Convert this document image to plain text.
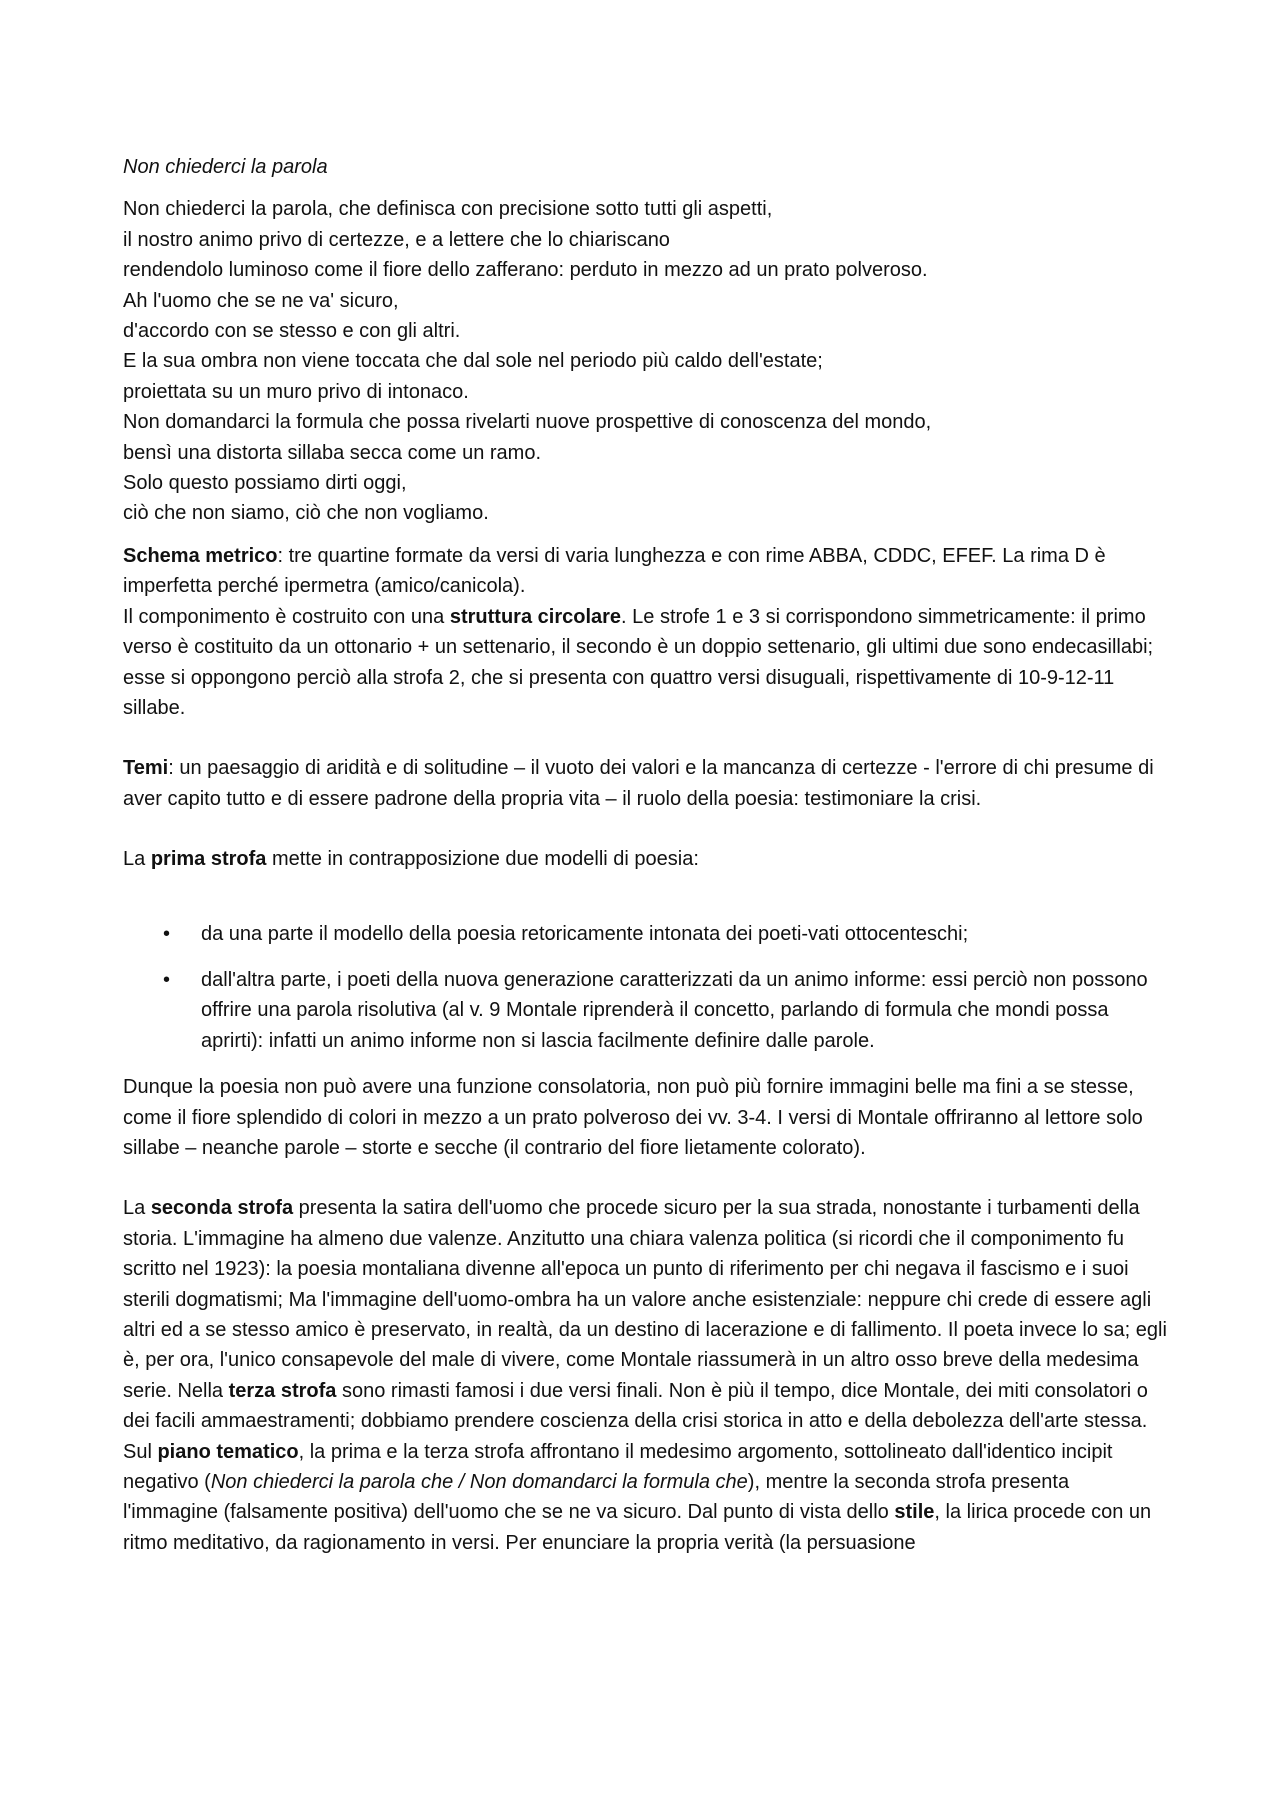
Non chiederci la parola

Non chiederci la parola, che definisca con precisione sotto tutti gli aspetti,
il nostro animo privo di certezze, e a lettere che lo chiariscano
rendendolo luminoso come il fiore dello zafferano: perduto in mezzo ad un prato polveroso.
Ah l'uomo che se ne va' sicuro,
d'accordo con se stesso e con gli altri.
E la sua ombra non viene toccata che dal sole nel periodo più caldo dell'estate;
proiettata su un muro privo di intonaco.
Non domandarci la formula che possa rivelarti nuove prospettive di conoscenza del mondo,
bensì una distorta sillaba secca come un ramo.
Solo questo possiamo dirti oggi,
ciò che non siamo, ciò che non vogliamo.

Schema metrico: tre quartine formate da versi di varia lunghezza e con rime ABBA, CDDC, EFEF. La rima D è imperfetta perché ipermetra (amico/canicola).

Il componimento è costruito con una struttura circolare. Le strofe 1 e 3 si corrispondono simmetricamente: il primo verso è costituito da un ottonario + un settenario, il secondo è un doppio settenario, gli ultimi due sono endecasillabi; esse si oppongono perciò alla strofa 2, che si presenta con quattro versi disuguali, rispettivamente di 10-9-12-11 sillabe.

Temi: un paesaggio di aridità e di solitudine – il vuoto dei valori e la mancanza di certezze - l'errore di chi presume di aver capito tutto e di essere padrone della propria vita – il ruolo della poesia: testimoniare la crisi.

La prima strofa mette in contrapposizione due modelli di poesia:

• da una parte il modello della poesia retoricamente intonata dei poeti-vati ottocenteschi;
• dall'altra parte, i poeti della nuova generazione caratterizzati da un animo informe: essi perciò non possono offrire una parola risolutiva (al v. 9 Montale riprenderà il concetto, parlando di formula che mondi possa aprirti): infatti un animo informe non si lascia facilmente definire dalle parole.

Dunque la poesia non può avere una funzione consolatoria, non può più fornire immagini belle ma fini a se stesse, come il fiore splendido di colori in mezzo a un prato polveroso dei vv. 3-4. I versi di Montale offriranno al lettore solo sillabe – neanche parole – storte e secche (il contrario del fiore lietamente colorato).

La seconda strofa presenta la satira dell'uomo che procede sicuro per la sua strada, nonostante i turbamenti della storia. L'immagine ha almeno due valenze. Anzitutto una chiara valenza politica (si ricordi che il componimento fu scritto nel 1923): la poesia montaliana divenne all'epoca un punto di riferimento per chi negava il fascismo e i suoi sterili dogmatismi; Ma l'immagine dell'uomo-ombra ha un valore anche esistenziale: neppure chi crede di essere agli altri ed a se stesso amico è preservato, in realtà, da un destino di lacerazione e di fallimento. Il poeta invece lo sa; egli è, per ora, l'unico consapevole del male di vivere, come Montale riassumerà in un altro osso breve della medesima serie. Nella terza strofa sono rimasti famosi i due versi finali. Non è più il tempo, dice Montale, dei miti consolatori o dei facili ammaestramenti; dobbiamo prendere coscienza della crisi storica in atto e della debolezza dell'arte stessa. Sul piano tematico, la prima e la terza strofa affrontano il medesimo argomento, sottolineato dall'identico incipit negativo (Non chiederci la parola che / Non domandarci la formula che), mentre la seconda strofa presenta l'immagine (falsamente positiva) dell'uomo che se ne va sicuro. Dal punto di vista dello stile, la lirica procede con un ritmo meditativo, da ragionamento in versi. Per enunciare la propria verità (la persuasione
